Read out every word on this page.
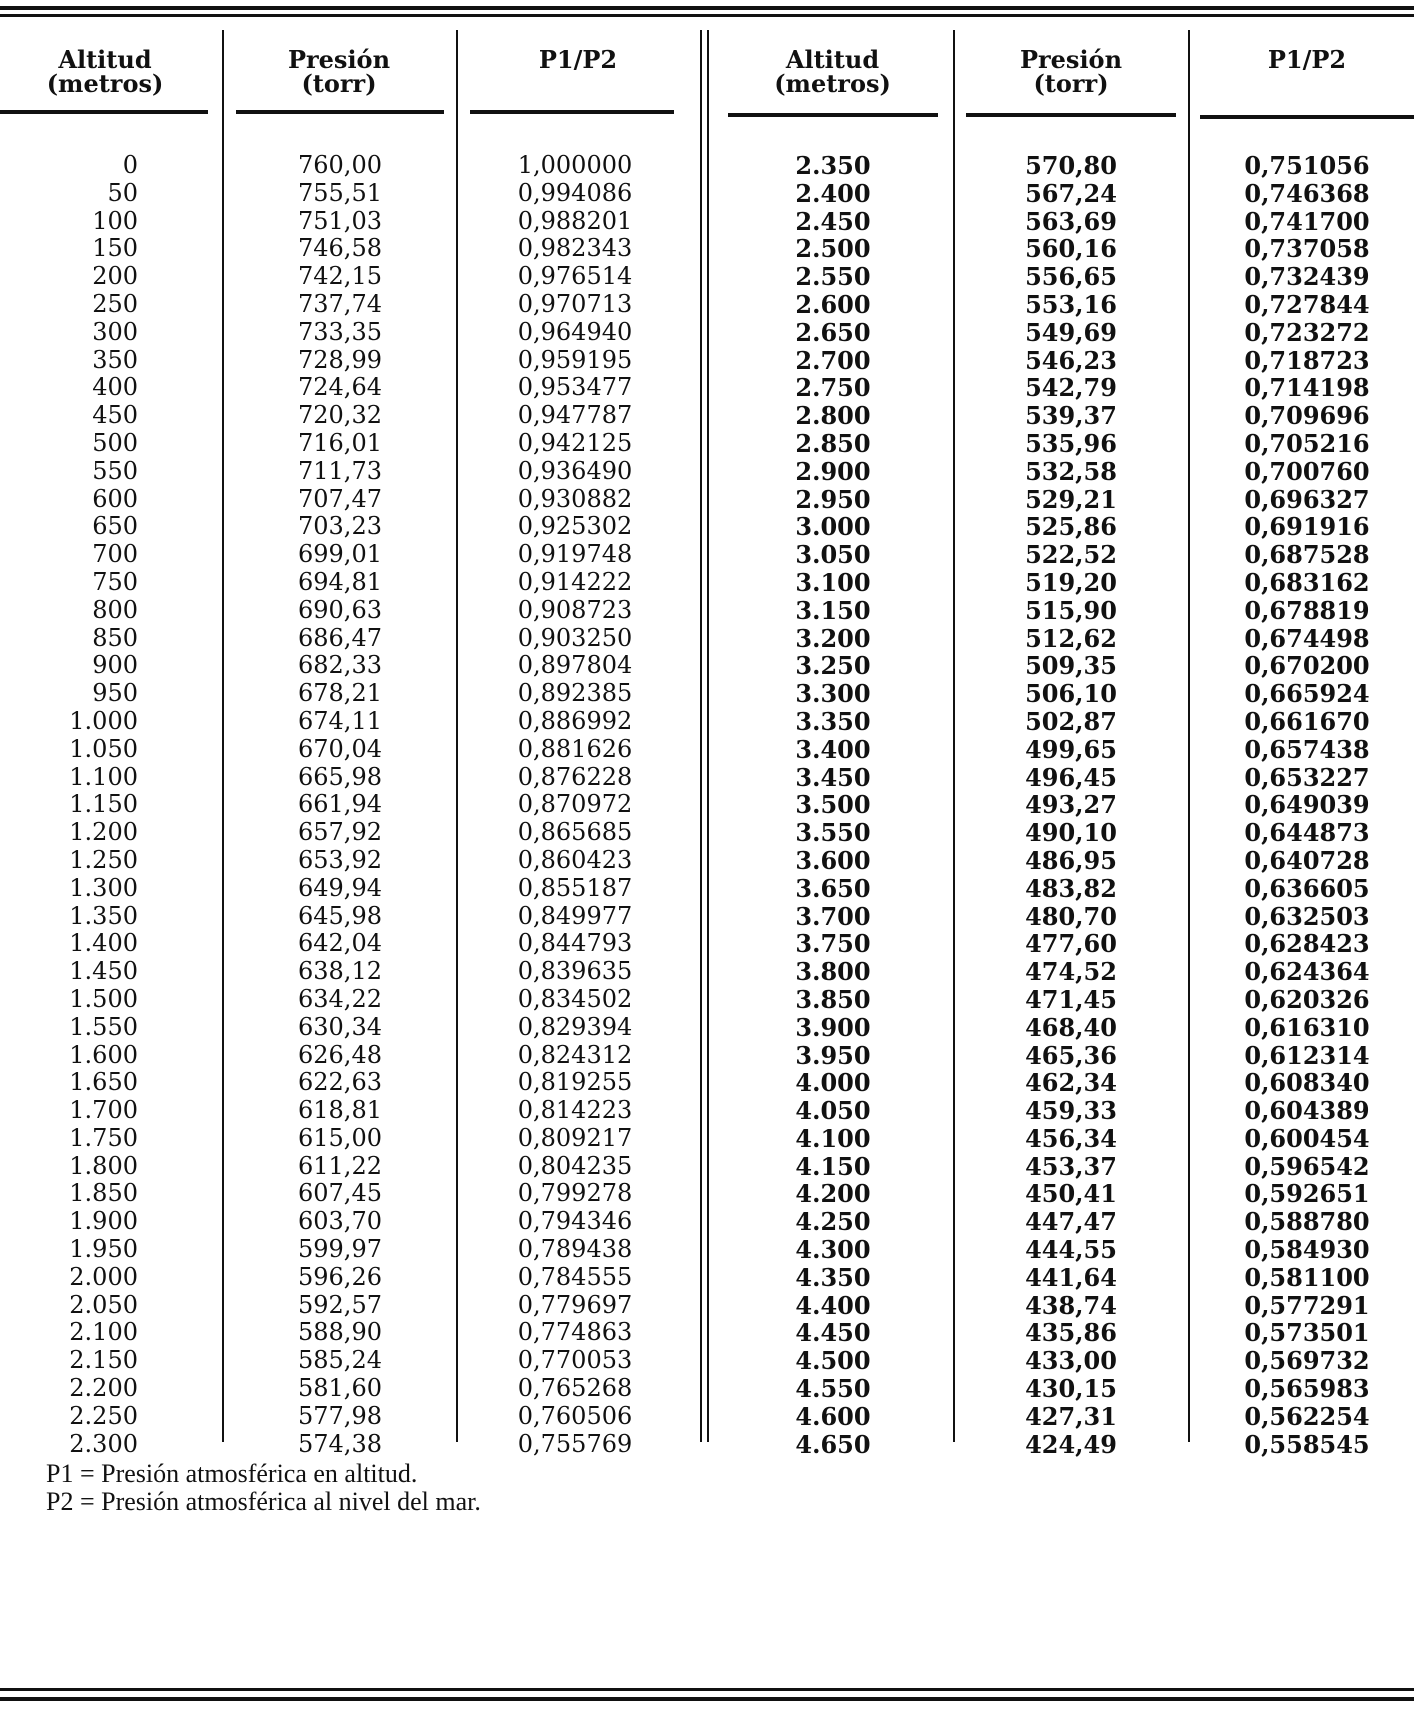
Altitud
(metros)
Presión
(torr)
P1/P2	Altitud
(metros)
Presión
(torr)
P1/P2
0
50
100
150
200
250
300
350
400
450
500
550
600
650
700
750
800
850
900
950
1.000
1.050
1.100
1.150
1.200
1.250
1.300
1.350
1.400
1.450
1.500
1.550
1.600
1.650
1.700
1.750
1.800
1.850
1.900
1.950
2.000
2.050
2.100
2.150
2.200
2.250
2.300
760,00
755,51
751,03
746,58
742,15
737,74
733,35
728,99
724,64
720,32
716,01
711,73
707,47
703,23
699,01
694,81
690,63
686,47
682,33
678,21
674,11
670,04
665,98
661,94
657,92
653,92
649,94
645,98
642,04
638,12
634,22
630,34
626,48
622,63
618,81
615,00
611,22
607,45
603,70
599,97
596,26
592,57
588,90
585,24
581,60
577,98
574,38
1,000000
0,994086
0,988201
0,982343
0,976514
0,970713
0,964940
0,959195
0,953477
0,947787
0,942125
0,936490
0,930882
0,925302
0,919748
0,914222
0,908723
0,903250
0,897804
0,892385
0,886992
0,881626
0,876228
0,870972
0,865685
0,860423
0,855187
0,849977
0,844793
0,839635
0,834502
0,829394
0,824312
0,819255
0,814223
0,809217
0,804235
0,799278
0,794346
0,789438
0,784555
0,779697
0,774863
0,770053
0,765268
0,760506
0,755769
2.350
2.400
2.450
2.500
2.550
2.600
2.650
2.700
2.750
2.800
2.850
2.900
2.950
3.000
3.050
3.100
3.150
3.200
3.250
3.300
3.350
3.400
3.450
3.500
3.550
3.600
3.650
3.700
3.750
3.800
3.850
3.900
3.950
4.000
4.050
4.100
4.150
4.200
4.250
4.300
4.350
4.400
4.450
4.500
4.550
4.600
4.650
570,80
567,24
563,69
560,16
556,65
553,16
549,69
546,23
542,79
539,37
535,96
532,58
529,21
525,86
522,52
519,20
515,90
512,62
509,35
506,10
502,87
499,65
496,45
493,27
490,10
486,95
483,82
480,70
477,60
474,52
471,45
468,40
465,36
462,34
459,33
456,34
453,37
450,41
447,47
444,55
441,64
438,74
435,86
433,00
430,15
427,31
424,49
0,751056
0,746368
0,741700
0,737058
0,732439
0,727844
0,723272
0,718723
0,714198
0,709696
0,705216
0,700760
0,696327
0,691916
0,687528
0,683162
0,678819
0,674498
0,670200
0,665924
0,661670
0,657438
0,653227
0,649039
0,644873
0,640728
0,636605
0,632503
0,628423
0,624364
0,620326
0,616310
0,612314
0,608340
0,604389
0,600454
0,596542
0,592651
0,588780
0,584930
0,581100
0,577291
0,573501
0,569732
0,565983
0,562254
0,558545
P1 = Presión atmosférica en altitud.
P2 = Presión atmosférica al nivel del mar.
